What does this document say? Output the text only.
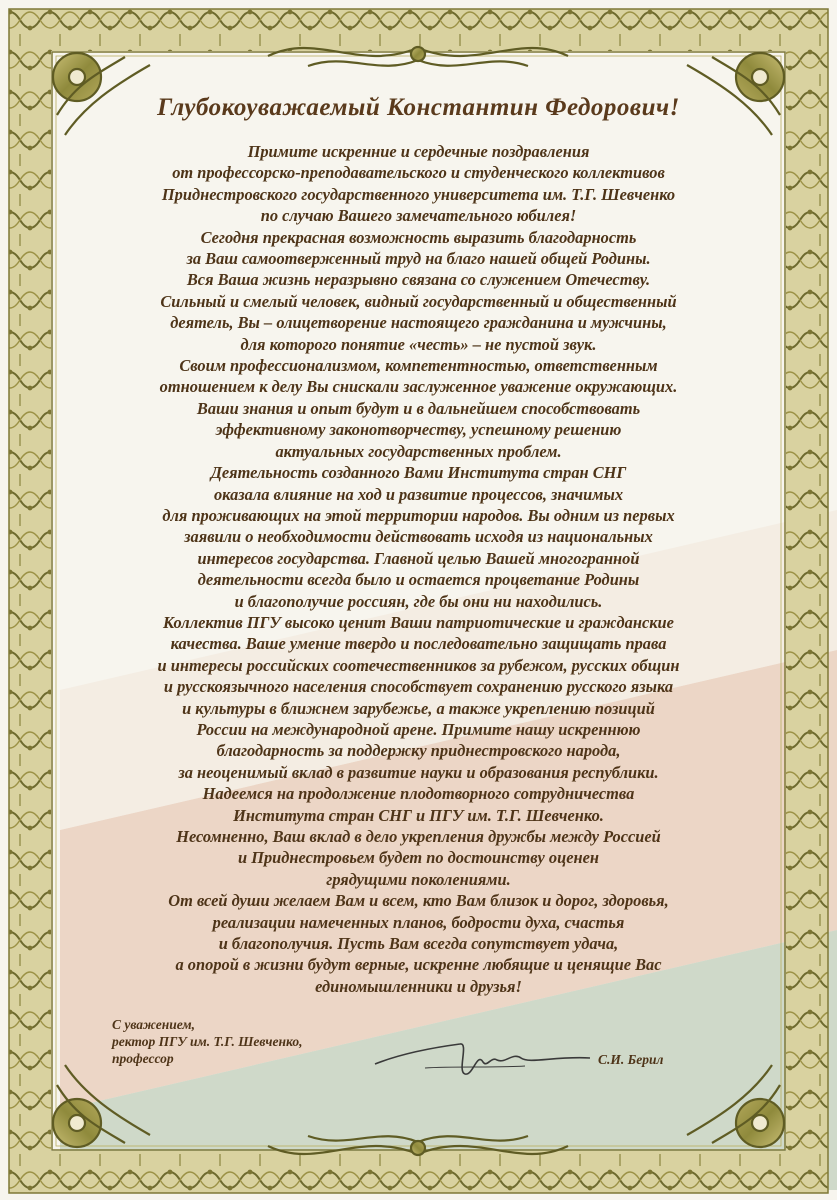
Глубокоуважаемый Константин Федорович!
Примите искренние и сердечные поздравления
от профессорско-преподавательского и студенческого коллективов
Приднестровского государственного университета им. Т.Г. Шевченко
по случаю Вашего замечательного юбилея!
Сегодня прекрасная возможность выразить благодарность
за Ваш самоотверженный труд на благо нашей общей Родины.
Вся Ваша жизнь неразрывно связана со служением Отечеству.
Сильный и смелый человек, видный государственный и общественный
деятель, Вы – олицетворение настоящего гражданина и мужчины,
для которого понятие «честь» – не пустой звук.
Своим профессионализмом, компетентностью, ответственным
отношением к делу Вы снискали заслуженное уважение окружающих.
Ваши знания и опыт будут и в дальнейшем способствовать
эффективному законотворчеству, успешному решению
актуальных государственных проблем.
Деятельность созданного Вами Института стран СНГ
оказала влияние на ход и развитие процессов, значимых
для проживающих на этой территории народов. Вы одним из первых
заявили о необходимости действовать исходя из национальных
интересов государства. Главной целью Вашей многогранной
деятельности всегда было и остается процветание Родины
и благополучие россиян, где бы они ни находились.
Коллектив ПГУ высоко ценит Ваши патриотические и гражданские
качества. Ваше умение твердо и последовательно защищать права
и интересы российских соотечественников за рубежом, русских общин
и русскоязычного населения способствует сохранению русского языка
и культуры в ближнем зарубежье, а также укреплению позиций
России на международной арене. Примите нашу искреннюю
благодарность за поддержку приднестровского народа,
за неоценимый вклад в развитие науки и образования республики.
Надеемся на продолжение плодотворного сотрудничества
Института стран СНГ и ПГУ им. Т.Г. Шевченко.
Несомненно, Ваш вклад в дело укрепления дружбы между Россией
и Приднестровьем будет по достоинству оценен
грядущими поколениями.
От всей души желаем Вам и всем, кто Вам близок и дорог, здоровья,
реализации намеченных планов, бодрости духа, счастья
и благополучия. Пусть Вам всегда сопутствует удача,
а опорой в жизни будут верные, искренне любящие и ценящие Вас
единомышленники и друзья!
С уважением,
ректор ПГУ им. Т.Г. Шевченко,
профессор	С.И. Берил
